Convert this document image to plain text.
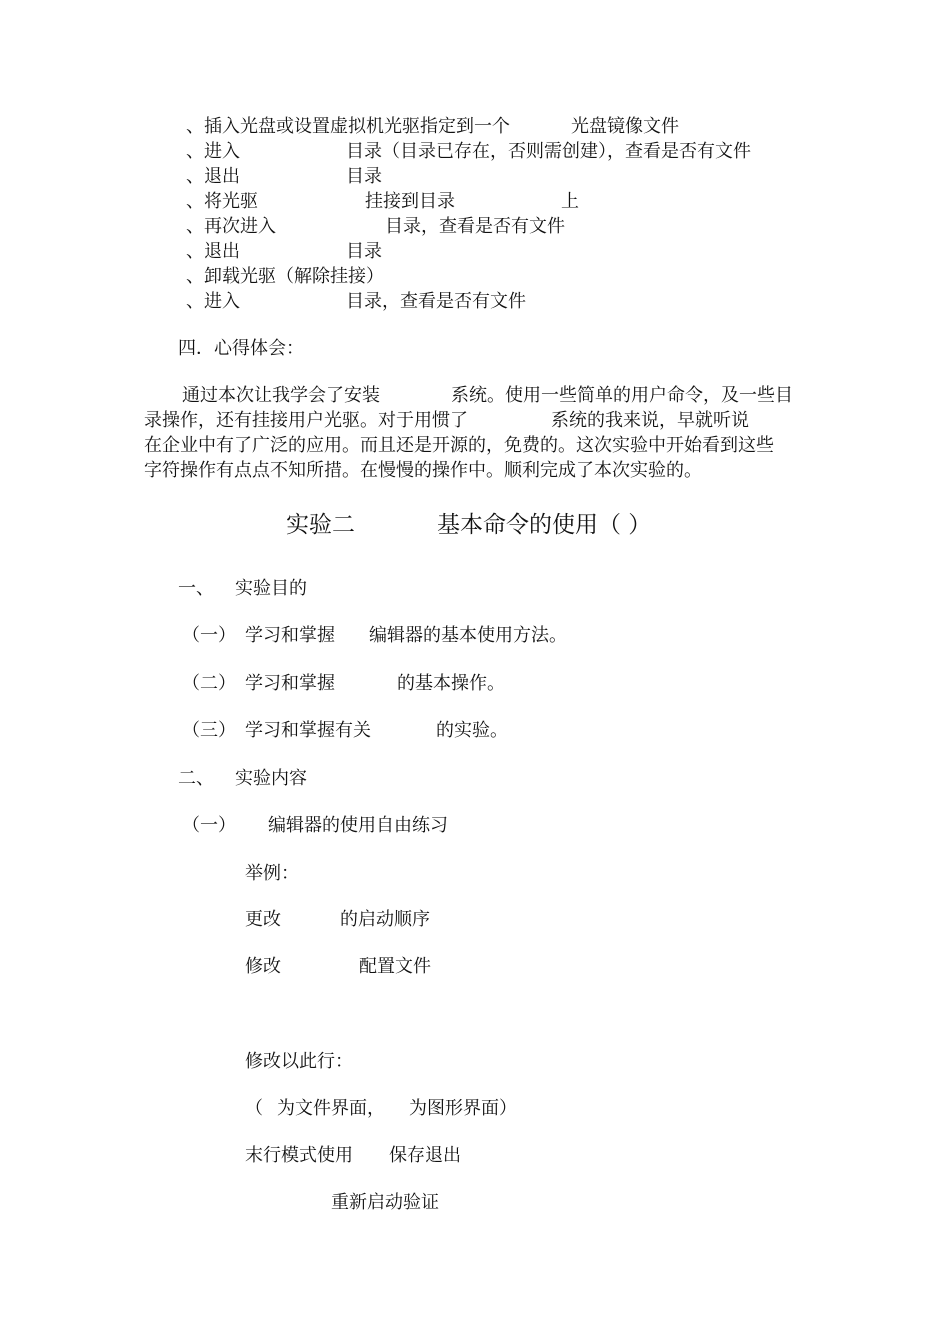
、插入光盘或设置虚拟机光驱指定到一个	光盘镜像文件
、进入	目录（目录已存在，否则需创建），查看是否有文件
、退出	目录
、将光驱	挂接到目录	上
、再次进入	目录，查看是否有文件
、退出	目录
、卸载光驱（解除挂接）
、进入	目录，查看是否有文件
四．心得体会：
通过本次让我学会了安装	系统。使用一些简单的用户命令，及一些目
录操作，还有挂接用户光驱。对于用惯了	系统的我来说，早就听说
在企业中有了广泛的应用。而且还是开源的，免费的。这次实验中开始看到这些
字符操作有点点不知所措。在慢慢的操作中。顺利完成了本次实验的。
实验二	基本命令的使用（ ）
一、 实验目的
（一） 学习和掌握 编辑器的基本使用方法。
（二） 学习和掌握	的基本操作。
（三） 学习和掌握有关	的实验。
二、 实验内容
（一） 编辑器的使用自由练习
举例：
更改	的启动顺序
修改	配置文件
修改以此行：
（ 为文件界面， 为图形界面）
末行模式使用 保存退出
重新启动验证
